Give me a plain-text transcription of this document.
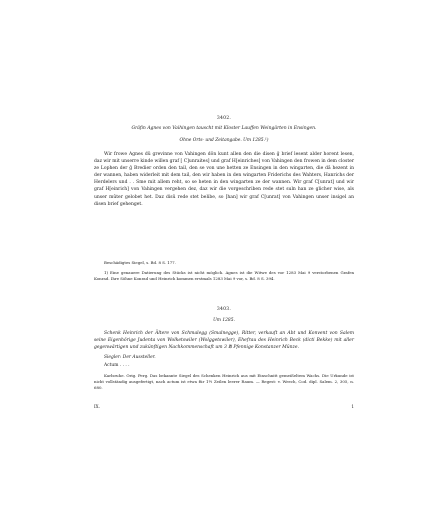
3402.
Gräfin Agnes von Vaihingen tauscht mit Kloster Lauffen Weingärten in Ensingen.
Ohne Orts- und Zeitangabe. Um 1285.¹)

Wir frowe Agnes dû grevinne von Vahingen dôn kunt allen den die disen ğ brief lesent alder horent lesen, daz wir mit unserre kinde willen graf [ C]unraites] und graf H[einriches] von Vahingen den frowen in dem closter ze Lophen der ğ Bredier orden den tail, den se von une hetten ze Ensingen in den wingarten, die dâ hezent in der wannen, haben widerleit mit dem tail, den wir haben in den wingarten Friderichs des Wahters, Hanrichs der Herdelers und . . Sme mit allem reht, so se heten in den wingarten ze der wannen. Wir graf C[unrat] und wir graf H[einrich] von Vahingen vergehen dez, daz wir die vorgeschriben rede stet suln han ze glicher wise, als unser mûter gelobet het. Daz disû rede stet belibe, so [han] wir graf C[unrat] von Vahingen unser insigel an disen brief gehenget.

Beschädigtes Siegel, s. Bd. 8 S. 177.

1) Eine genauere Datierung des Stücks ist nicht möglich. Agnes ist die Witwe des vor 1283 Mai 9 verstorbenen Grafen Konrad. Ihre Söhne Konrad und Heinrich kommen erstmals 1283 Mai 9 vor, s. Bd. 8 S. 394.

3403.
Um 1285.

Schenk Heinrich der Ältere von Schmalegg (Smalnegge), Ritter, verkauft an Abt und Konvent von Salem seine Eigenhörige Judenta von Wolketswiler (Wolggetswiler), Ehefrau des Heinrich Beck (dicti Bekke) mit aller gegenwärtigen und zukünftigen Nachkommenschaft um 3 ℔ Pfennige Konstanzer Münze.

Siegler: Der Aussteller.
Actum . . . .

Karlsruhe. Orig. Perg. Das bekannte Siegel des Schenken Heinrich aus mit Einschnitt gemeißeltem Wachs. Die Urkunde ist nicht vollständig ausgefertigt, nach actum ist etwa für 1½ Zeilen leerer Raum. — Regest: v. Weech, Cod. dipl. Salem. 2, 305, n. 680.

IX.	1
